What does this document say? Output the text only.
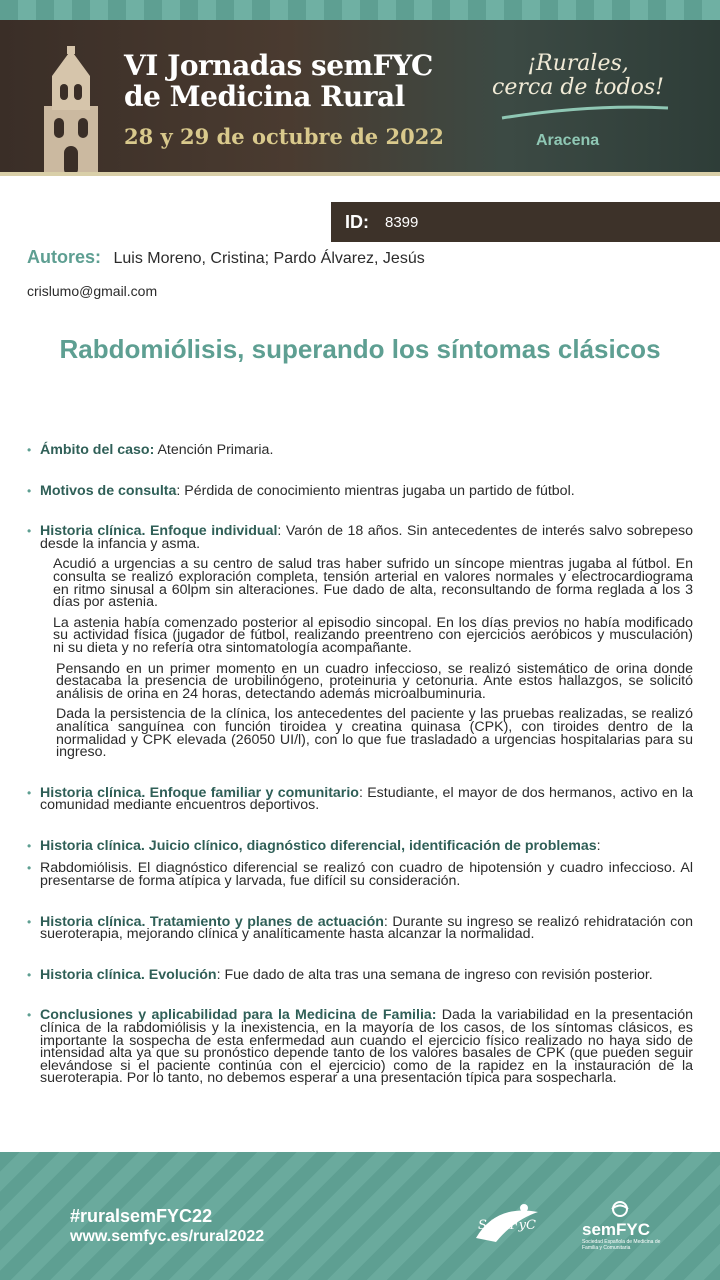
VI Jornadas semFYC
de Medicina Rural
28 y 29 de octubre de 2022
¡Rurales,
cerca de todos!
Aracena
ID: 8399
Autores: Luis Moreno, Cristina; Pardo Álvarez, Jesús
crislumo@gmail.com
Rabdomiólisis, superando los síntomas clásicos
• Ámbito del caso: Atención Primaria.
• Motivos de consulta: Pérdida de conocimiento mientras jugaba un partido de fútbol.
• Historia clínica. Enfoque individual: Varón de 18 años. Sin antecedentes de interés salvo sobrepeso desde la infancia y asma.
Acudió a urgencias a su centro de salud tras haber sufrido un síncope mientras jugaba al fútbol. En consulta se realizó exploración completa, tensión arterial en valores normales y electrocardiograma en ritmo sinusal a 60lpm sin alteraciones. Fue dado de alta, reconsultando de forma reglada a los 3 días por astenia.
La astenia había comenzado posterior al episodio sincopal. En los días previos no había modificado su actividad física (jugador de fútbol, realizando preentreno con ejercicios aeróbicos y musculación) ni su dieta y no refería otra sintomatología acompañante.
Pensando en un primer momento en un cuadro infeccioso, se realizó sistemático de orina donde destacaba la presencia de urobilinógeno, proteinuria y cetonuria. Ante estos hallazgos, se solicitó análisis de orina en 24 horas, detectando además microalbuminuria.
Dada la persistencia de la clínica, los antecedentes del paciente y las pruebas realizadas, se realizó analítica sanguínea con función tiroidea y creatina quinasa (CPK), con tiroides dentro de la normalidad y CPK elevada (26050 UI/l), con lo que fue trasladado a urgencias hospitalarias para su ingreso.
• Historia clínica. Enfoque familiar y comunitario: Estudiante, el mayor de dos hermanos, activo en la comunidad mediante encuentros deportivos.
• Historia clínica. Juicio clínico, diagnóstico diferencial, identificación de problemas:
• Rabdomiólisis. El diagnóstico diferencial se realizó con cuadro de hipotensión y cuadro infeccioso. Al presentarse de forma atípica y larvada, fue difícil su consideración.
• Historia clínica. Tratamiento y planes de actuación: Durante su ingreso se realizó rehidratación con sueroterapia, mejorando clínica y analíticamente hasta alcanzar la normalidad.
• Historia clínica. Evolución: Fue dado de alta tras una semana de ingreso con revisión posterior.
• Conclusiones y aplicabilidad para la Medicina de Familia: Dada la variabilidad en la presentación clínica de la rabdomiólisis y la inexistencia, en la mayoría de los casos, de los síntomas clásicos, es importante la sospecha de esta enfermedad aun cuando el ejercicio físico realizado no haya sido de intensidad alta ya que su pronóstico depende tanto de los valores basales de CPK (que pueden seguir elevándose si el paciente continúa con el ejercicio) como de la rapidez en la instauración de la sueroterapia. Por lo tanto, no debemos esperar a una presentación típica para sospecharla.
#ruralsemFYC22
www.semfyc.es/rural2022
SAMFyC	semFYC
Sociedad Española de Medicina de Familia y Comunitaria
